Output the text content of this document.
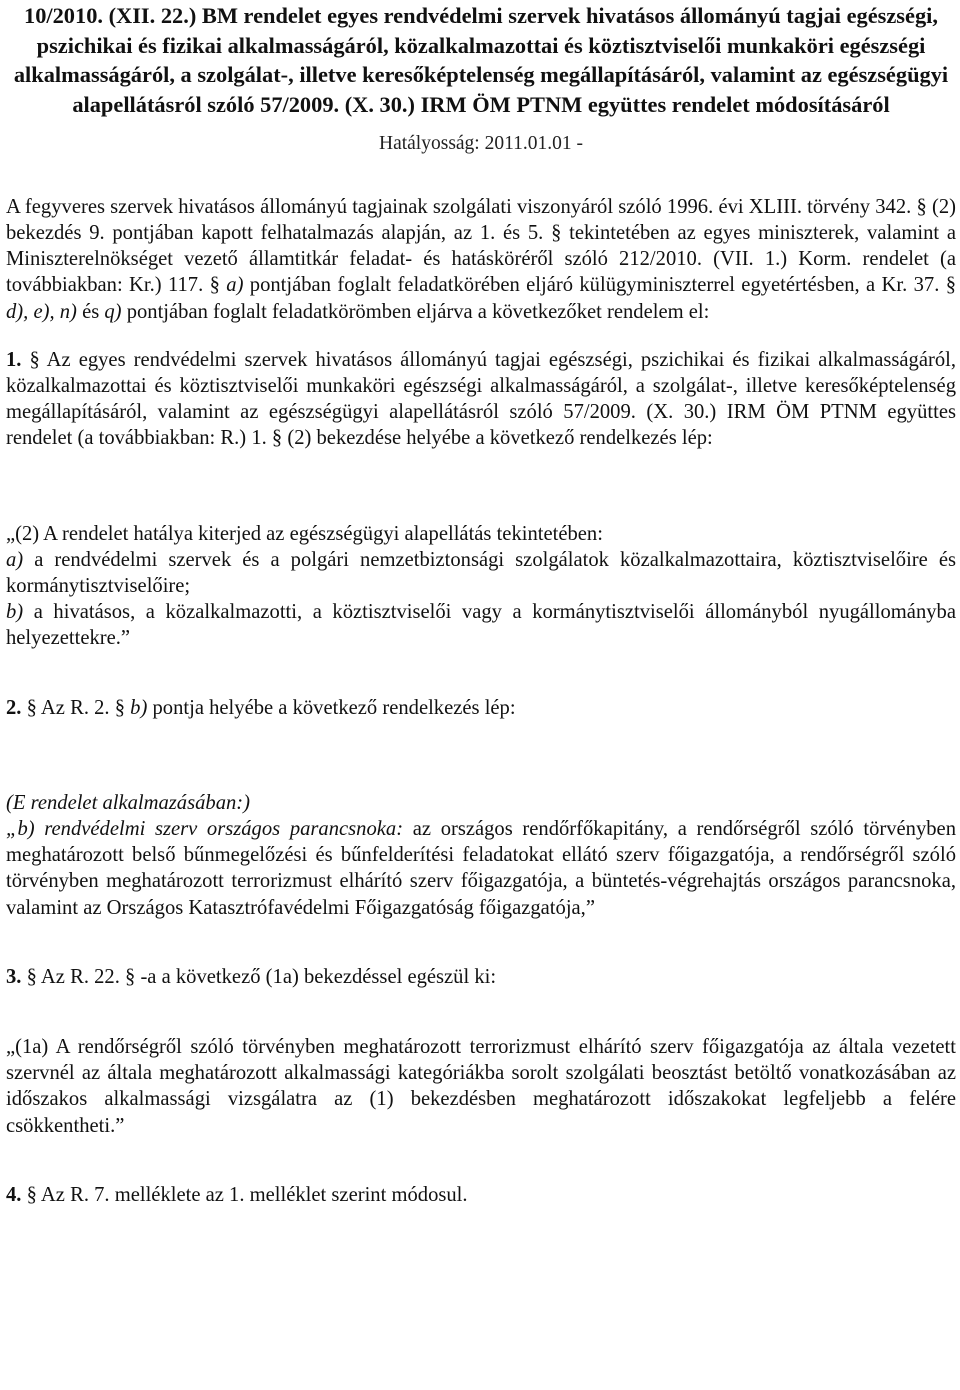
10/2010. (XII. 22.) BM rendelet egyes rendvédelmi szervek hivatásos állományú tagjai egészségi, pszichikai és fizikai alkalmasságáról, közalkalmazottai és köztisztviselői munkaköri egészségi alkalmasságáról, a szolgálat-, illetve keresőképtelenség megállapításáról, valamint az egészségügyi alapellátásról szóló 57/2009. (X. 30.) IRM ÖM PTNM együttes rendelet módosításáról

Hatályosság: 2011.01.01 -

A fegyveres szervek hivatásos állományú tagjainak szolgálati viszonyáról szóló 1996. évi XLIII. törvény 342. § (2) bekezdés 9. pontjában kapott felhatalmazás alapján, az 1. és 5. § tekintetében az egyes miniszterek, valamint a Miniszterelnökséget vezető államtitkár feladat- és hatásköréről szóló 212/2010. (VII. 1.) Korm. rendelet (a továbbiakban: Kr.) 117. § a) pontjában foglalt feladatkörében eljáró külügyminiszterrel egyetértésben, a Kr. 37. § d), e), n) és q) pontjában foglalt feladatkörömben eljárva a következőket rendelem el:

1. § Az egyes rendvédelmi szervek hivatásos állományú tagjai egészségi, pszichikai és fizikai alkalmasságáról, közalkalmazottai és köztisztviselői munkaköri egészségi alkalmasságáról, a szolgálat-, illetve keresőképtelenség megállapításáról, valamint az egészségügyi alapellátásról szóló 57/2009. (X. 30.) IRM ÖM PTNM együttes rendelet (a továbbiakban: R.) 1. § (2) bekezdése helyébe a következő rendelkezés lép:

„(2) A rendelet hatálya kiterjed az egészségügyi alapellátás tekintetében:

a) a rendvédelmi szervek és a polgári nemzetbiztonsági szolgálatok közalkalmazottaira, köztisztviselőire és kormánytisztviselőire;

b) a hivatásos, a közalkalmazotti, a köztisztviselői vagy a kormánytisztviselői állományból nyugállományba helyezettekre.”

2. § Az R. 2. § b) pontja helyébe a következő rendelkezés lép:

(E rendelet alkalmazásában:)

„b) rendvédelmi szerv országos parancsnoka: az országos rendőrfőkapitány, a rendőrségről szóló törvényben meghatározott belső bűnmegelőzési és bűnfelderítési feladatokat ellátó szerv főigazgatója, a rendőrségről szóló törvényben meghatározott terrorizmust elhárító szerv főigazgatója, a büntetés-végrehajtás országos parancsnoka, valamint az Országos Katasztrófavédelmi Főigazgatóság főigazgatója,”

3. § Az R. 22. § -a a következő (1a) bekezdéssel egészül ki:

„(1a) A rendőrségről szóló törvényben meghatározott terrorizmust elhárító szerv főigazgatója az általa vezetett szervnél az általa meghatározott alkalmassági kategóriákba sorolt szolgálati beosztást betöltő vonatkozásában az időszakos alkalmassági vizsgálatra az (1) bekezdésben meghatározott időszakokat legfeljebb a felére csökkentheti.”

4. § Az R. 7. melléklete az 1. melléklet szerint módosul.
